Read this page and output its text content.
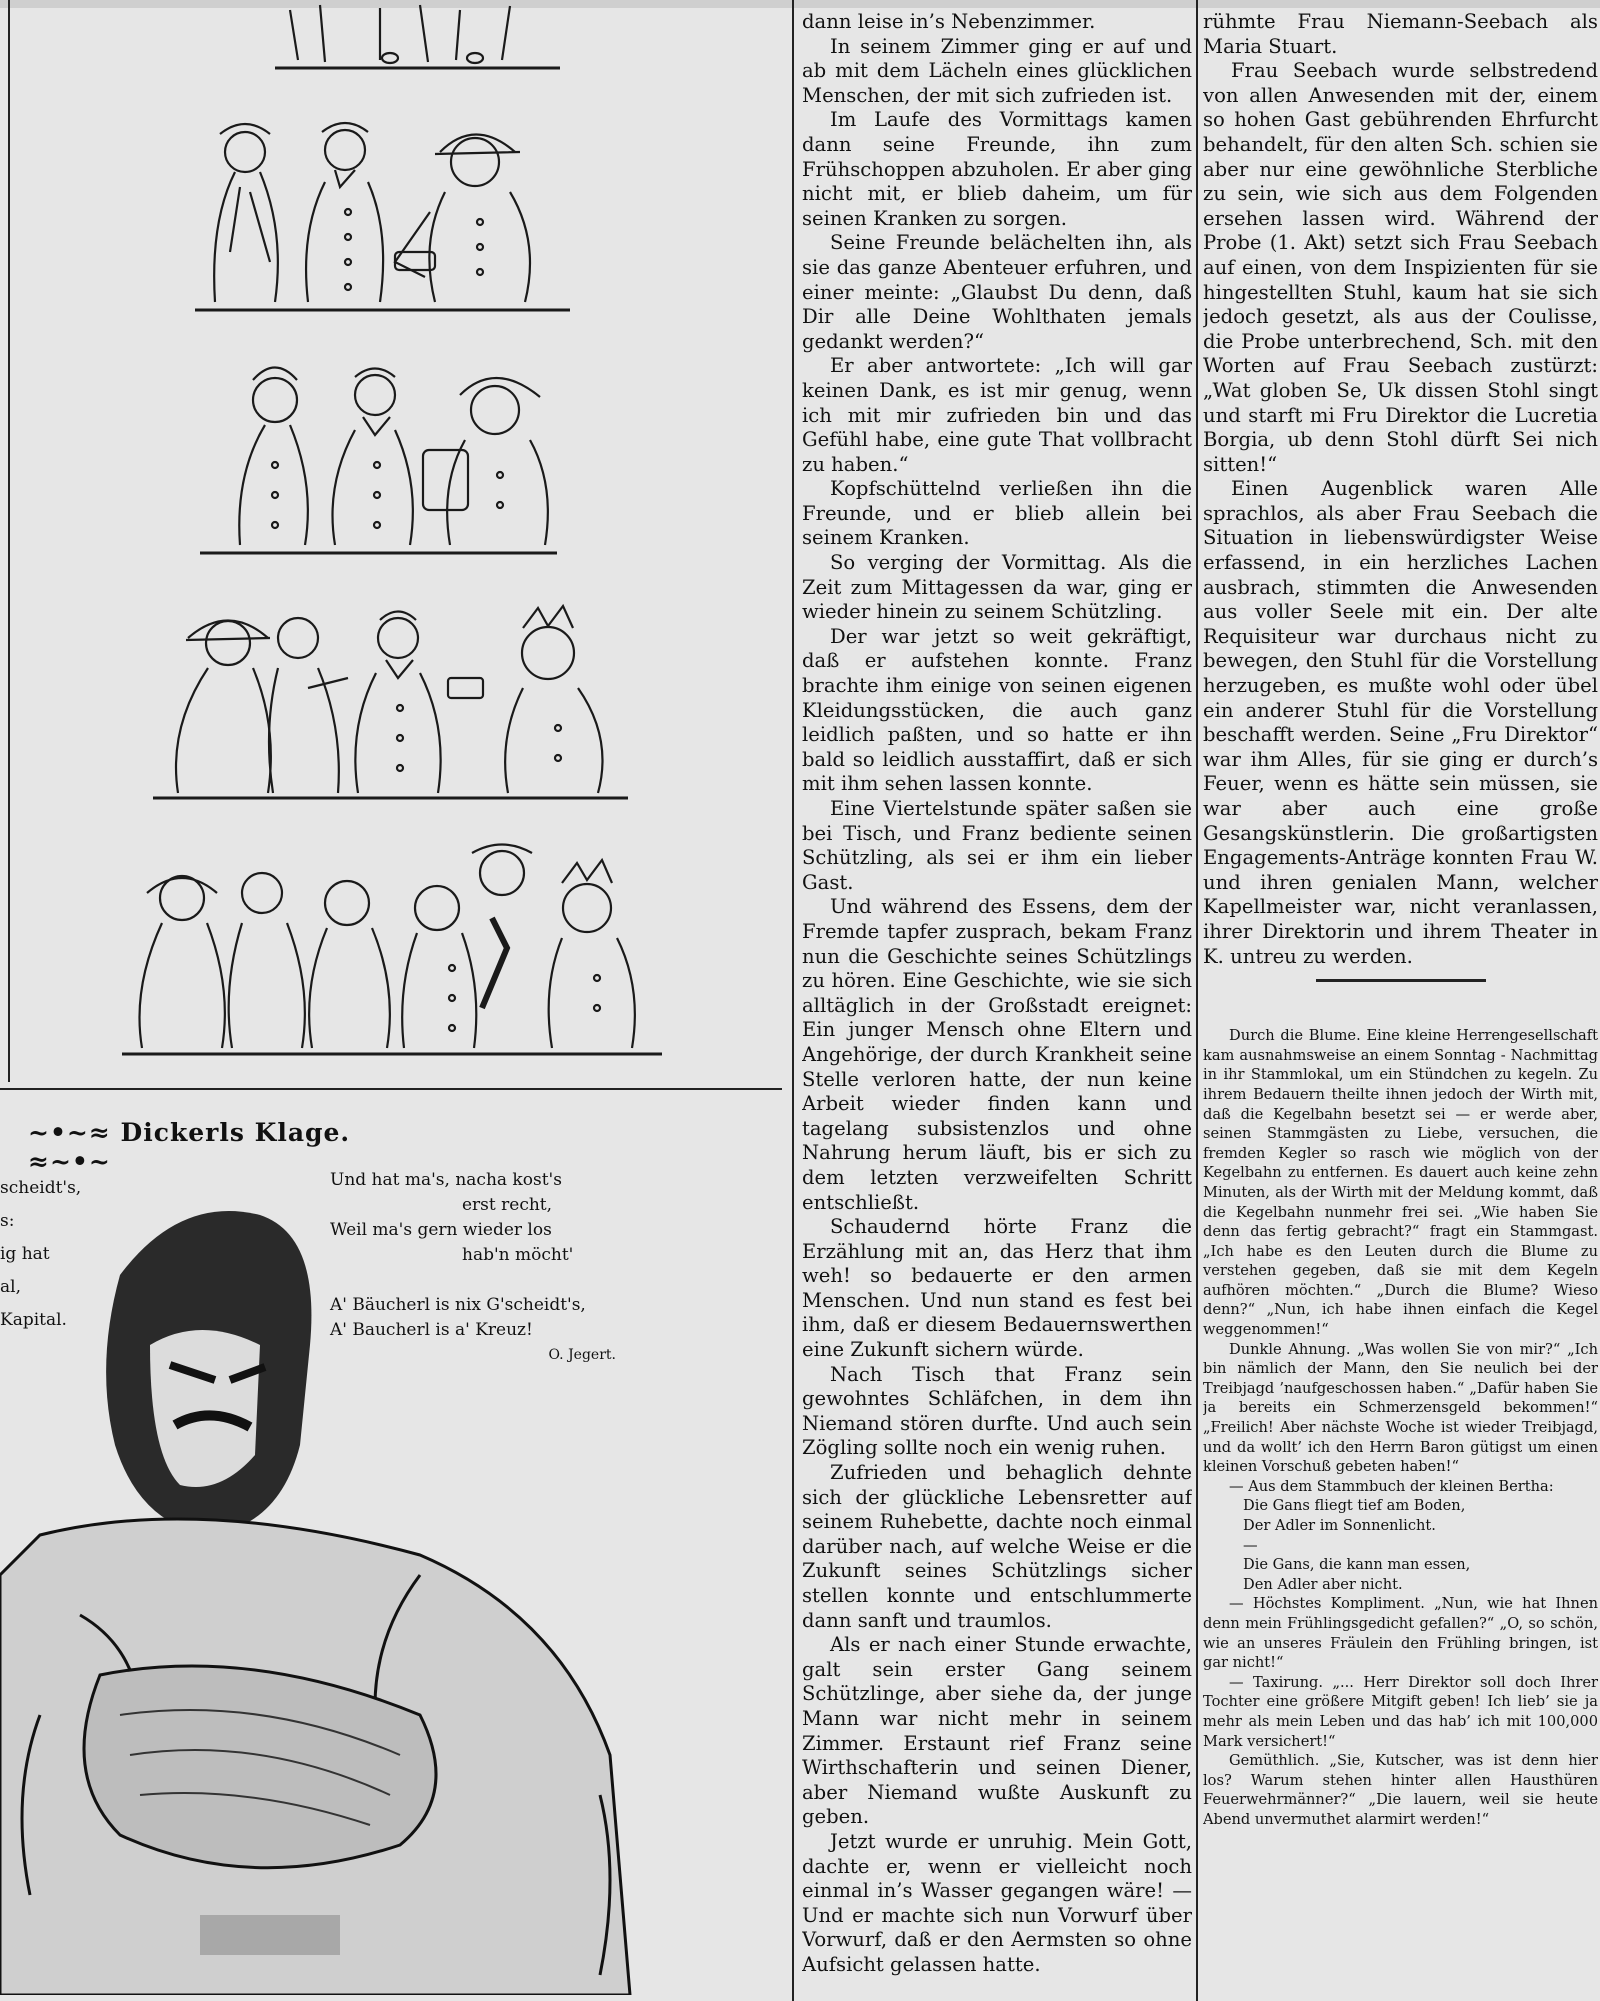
~•~≈ Dickerls Klage. ≈~•~
scheidt's,
s:
ig hat
al,
Kapital.
Und hat ma's, nacha kost's
erst recht,
Weil ma's gern wieder los
hab'n möcht'
A' Bäucherl is nix G'scheidt's,
A' Baucherl is a' Kreuz!
O. Jegert.

dann leise in’s Nebenzimmer.

In seinem Zimmer ging er auf und ab mit dem Lächeln eines glücklichen Menschen, der mit sich zufrieden ist.

Im Laufe des Vormittags kamen dann seine Freunde, ihn zum Frühschoppen abzuholen. Er aber ging nicht mit, er blieb daheim, um für seinen Kranken zu sorgen.

Seine Freunde belächelten ihn, als sie das ganze Abenteuer erfuhren, und einer meinte: „Glaubst Du denn, daß Dir alle Deine Wohlthaten jemals gedankt werden?“

Er aber antwortete: „Ich will gar keinen Dank, es ist mir genug, wenn ich mit mir zufrieden bin und das Gefühl habe, eine gute That vollbracht zu haben.“

Kopfschüttelnd verließen ihn die Freunde, und er blieb allein bei seinem Kranken.

So verging der Vormittag. Als die Zeit zum Mittagessen da war, ging er wieder hinein zu seinem Schützling.

Der war jetzt so weit gekräftigt, daß er aufstehen konnte. Franz brachte ihm einige von seinen eigenen Kleidungsstücken, die auch ganz leidlich paßten, und so hatte er ihn bald so leidlich ausstaffirt, daß er sich mit ihm sehen lassen konnte.

Eine Viertelstunde später saßen sie bei Tisch, und Franz bediente seinen Schützling, als sei er ihm ein lieber Gast.

Und während des Essens, dem der Fremde tapfer zusprach, bekam Franz nun die Geschichte seines Schützlings zu hören. Eine Geschichte, wie sie sich alltäglich in der Großstadt ereignet: Ein junger Mensch ohne Eltern und Angehörige, der durch Krankheit seine Stelle verloren hatte, der nun keine Arbeit wieder finden kann und tagelang subsistenzlos und ohne Nahrung herum läuft, bis er sich zu dem letzten verzweifelten Schritt entschließt.

Schaudernd hörte Franz die Erzählung mit an, das Herz that ihm weh! so bedauerte er den armen Menschen. Und nun stand es fest bei ihm, daß er diesem Bedauernswerthen eine Zukunft sichern würde.

Nach Tisch that Franz sein gewohntes Schläfchen, in dem ihn Niemand stören durfte. Und auch sein Zögling sollte noch ein wenig ruhen.

Zufrieden und behaglich dehnte sich der glückliche Lebensretter auf seinem Ruhebette, dachte noch einmal darüber nach, auf welche Weise er die Zukunft seines Schützlings sicher stellen konnte und entschlummerte dann sanft und traumlos.

Als er nach einer Stunde erwachte, galt sein erster Gang seinem Schützlinge, aber siehe da, der junge Mann war nicht mehr in seinem Zimmer. Erstaunt rief Franz seine Wirthschafterin und seinen Diener, aber Niemand wußte Auskunft zu geben.

Jetzt wurde er unruhig. Mein Gott, dachte er, wenn er vielleicht noch einmal in’s Wasser gegangen wäre! — Und er machte sich nun Vorwurf über Vorwurf, daß er den Aermsten so ohne Aufsicht gelassen hatte.

rühmte Frau Niemann-Seebach als Maria Stuart.

Frau Seebach wurde selbstredend von allen Anwesenden mit der, einem so hohen Gast gebührenden Ehrfurcht behandelt, für den alten Sch. schien sie aber nur eine gewöhnliche Sterbliche zu sein, wie sich aus dem Folgenden ersehen lassen wird. Während der Probe (1. Akt) setzt sich Frau Seebach auf einen, von dem Inspizienten für sie hingestellten Stuhl, kaum hat sie sich jedoch gesetzt, als aus der Coulisse, die Probe unterbrechend, Sch. mit den Worten auf Frau Seebach zustürzt: „Wat globen Se, Uk dissen Stohl singt und starft mi Fru Direktor die Lucretia Borgia, ub denn Stohl dürft Sei nich sitten!“

Einen Augenblick waren Alle sprachlos, als aber Frau Seebach die Situation in liebenswürdigster Weise erfassend, in ein herzliches Lachen ausbrach, stimmten die Anwesenden aus voller Seele mit ein. Der alte Requisiteur war durchaus nicht zu bewegen, den Stuhl für die Vorstellung herzugeben, es mußte wohl oder übel ein anderer Stuhl für die Vorstellung beschafft werden. Seine „Fru Direktor“ war ihm Alles, für sie ging er durch’s Feuer, wenn es hätte sein müssen, sie war aber auch eine große Gesangskünstlerin. Die großartigsten Engagements-Anträge konnten Frau W. und ihren genialen Mann, welcher Kapellmeister war, nicht veranlassen, ihrer Direktorin und ihrem Theater in K. untreu zu werden.

Durch die Blume. Eine kleine Herrengesellschaft kam ausnahmsweise an einem Sonntag - Nachmittag in ihr Stammlokal, um ein Stündchen zu kegeln. Zu ihrem Bedauern theilte ihnen jedoch der Wirth mit, daß die Kegelbahn besetzt sei — er werde aber, seinen Stammgästen zu Liebe, versuchen, die fremden Kegler so rasch wie möglich von der Kegelbahn zu entfernen. Es dauert auch keine zehn Minuten, als der Wirth mit der Meldung kommt, daß die Kegelbahn nunmehr frei sei. „Wie haben Sie denn das fertig gebracht?“ fragt ein Stammgast. „Ich habe es den Leuten durch die Blume zu verstehen gegeben, daß sie mit dem Kegeln aufhören möchten.“ „Durch die Blume? Wieso denn?“ „Nun, ich habe ihnen einfach die Kegel weggenommen!“

Dunkle Ahnung. „Was wollen Sie von mir?“ „Ich bin nämlich der Mann, den Sie neulich bei der Treibjagd ’naufgeschossen haben.“ „Dafür haben Sie ja bereits ein Schmerzensgeld bekommen!“ „Freilich! Aber nächste Woche ist wieder Treibjagd, und da wollt’ ich den Herrn Baron gütigst um einen kleinen Vorschuß gebeten haben!“

— Aus dem Stammbuch der kleinen Bertha:

Die Gans fliegt tief am Boden,

Der Adler im Sonnenlicht.

—

Die Gans, die kann man essen,

Den Adler aber nicht.

— Höchstes Kompliment. „Nun, wie hat Ihnen denn mein Frühlingsgedicht gefallen?“ „O, so schön, wie an unseres Fräulein den Frühling bringen, ist gar nicht!“

— Taxirung. „... Herr Direktor soll doch Ihrer Tochter eine größere Mitgift geben! Ich lieb’ sie ja mehr als mein Leben und das hab’ ich mit 100,000 Mark versichert!“

Gemüthlich. „Sie, Kutscher, was ist denn hier los? Warum stehen hinter allen Hausthüren Feuerwehrmänner?“ „Die lauern, weil sie heute Abend unvermuthet alarmirt werden!“
